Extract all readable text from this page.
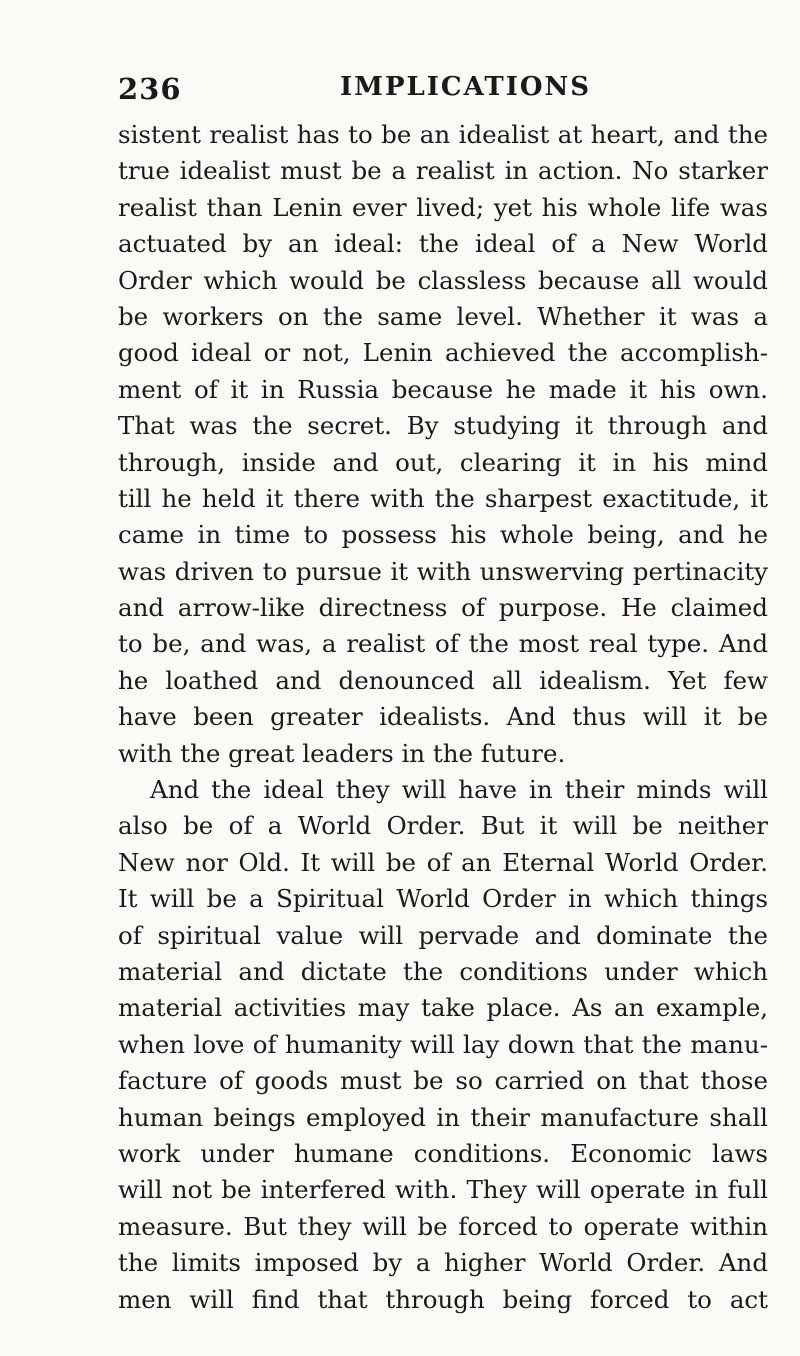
236	IMPLICATIONS
sistent realist has to be an idealist at heart, and the
true idealist must be a realist in action. No starker
realist than Lenin ever lived; yet his whole life was
actuated by an ideal: the ideal of a New World
Order which would be classless because all would
be workers on the same level. Whether it was a
good ideal or not, Lenin achieved the accomplish-
ment of it in Russia because he made it his own.
That was the secret. By studying it through and
through, inside and out, clearing it in his mind
till he held it there with the sharpest exactitude, it
came in time to possess his whole being, and he
was driven to pursue it with unswerving pertinacity
and arrow-like directness of purpose. He claimed
to be, and was, a realist of the most real type. And
he loathed and denounced all idealism. Yet few
have been greater idealists. And thus will it be
with the great leaders in the future.
And the ideal they will have in their minds will
also be of a World Order. But it will be neither
New nor Old. It will be of an Eternal World Order.
It will be a Spiritual World Order in which things
of spiritual value will pervade and dominate the
material and dictate the conditions under which
material activities may take place. As an example,
when love of humanity will lay down that the manu-
facture of goods must be so carried on that those
human beings employed in their manufacture shall
work under humane conditions. Economic laws
will not be interfered with. They will operate in full
measure. But they will be forced to operate within
the limits imposed by a higher World Order. And
men will find that through being forced to act
